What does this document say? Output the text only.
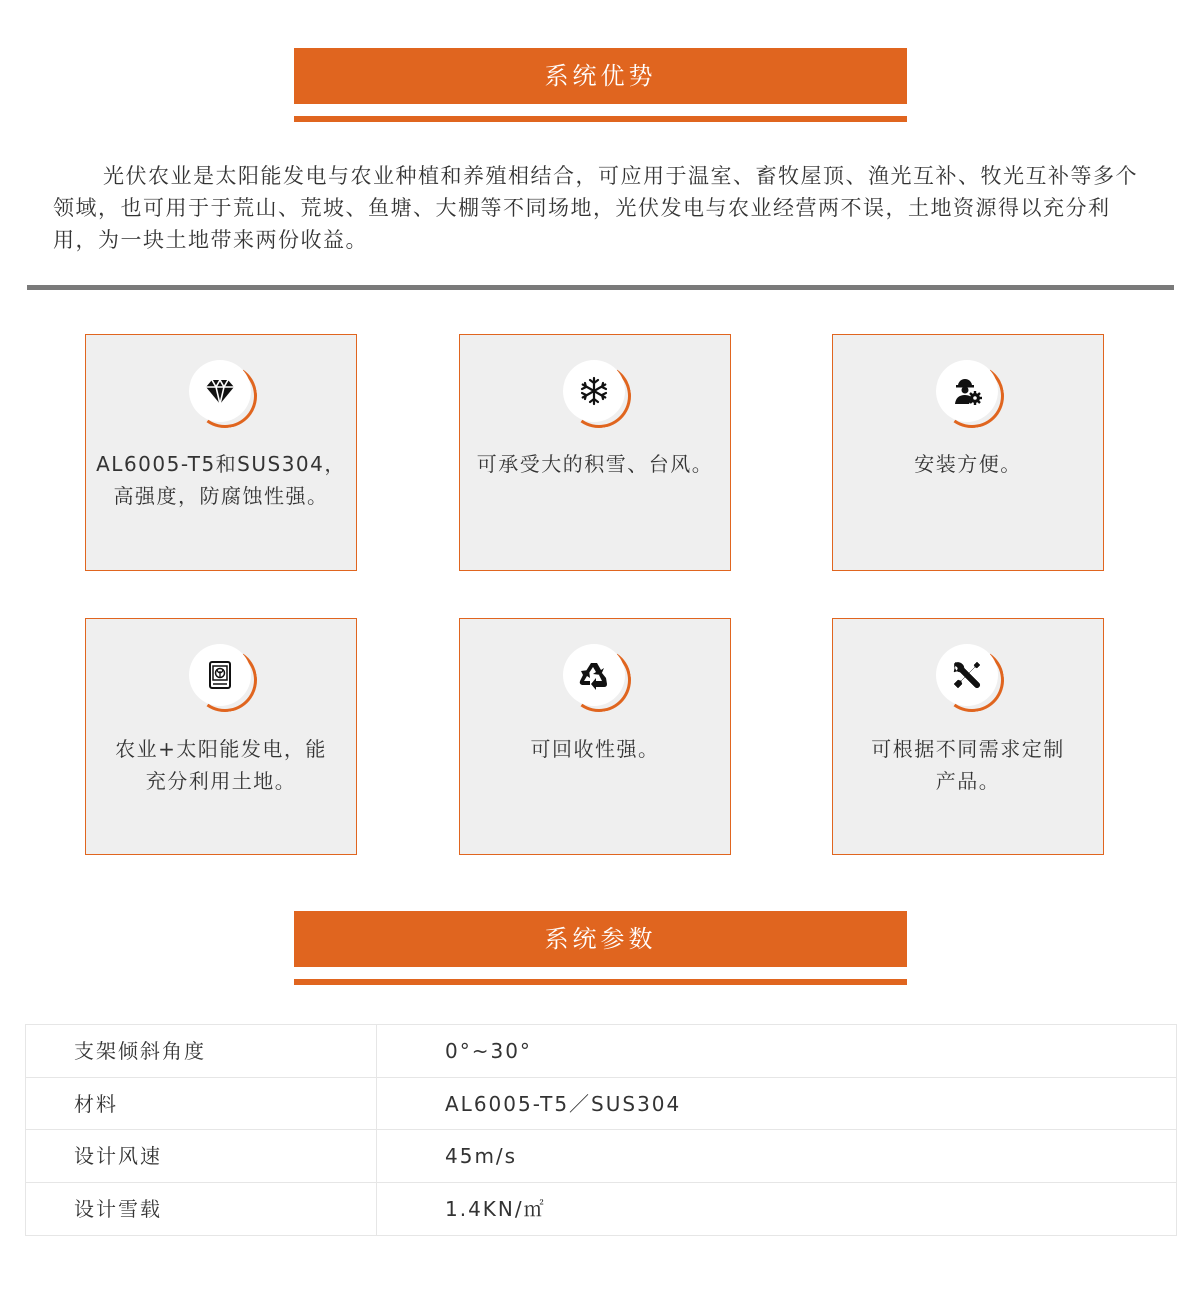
系统优势

光伏农业是太阳能发电与农业种植和养殖相结合，可应用于温室、畜牧屋顶、渔光互补、牧光互补等多个领域，也可用于于荒山、荒坡、鱼塘、大棚等不同场地，光伏发电与农业经营两不误，土地资源得以充分利用，为一块土地带来两份收益。

AL6005-T5和SUS304，
高强度，防腐蚀性强。
可承受大的积雪、台风。	安装方便。
农业+太阳能发电，能
充分利用土地。
可回收性强。	可根据不同需求定制
产品。
系统参数
支架倾斜角度	0°~30°
材料	AL6005-T5／SUS304
设计风速	45m/s
设计雪载	1.4KN/㎡
